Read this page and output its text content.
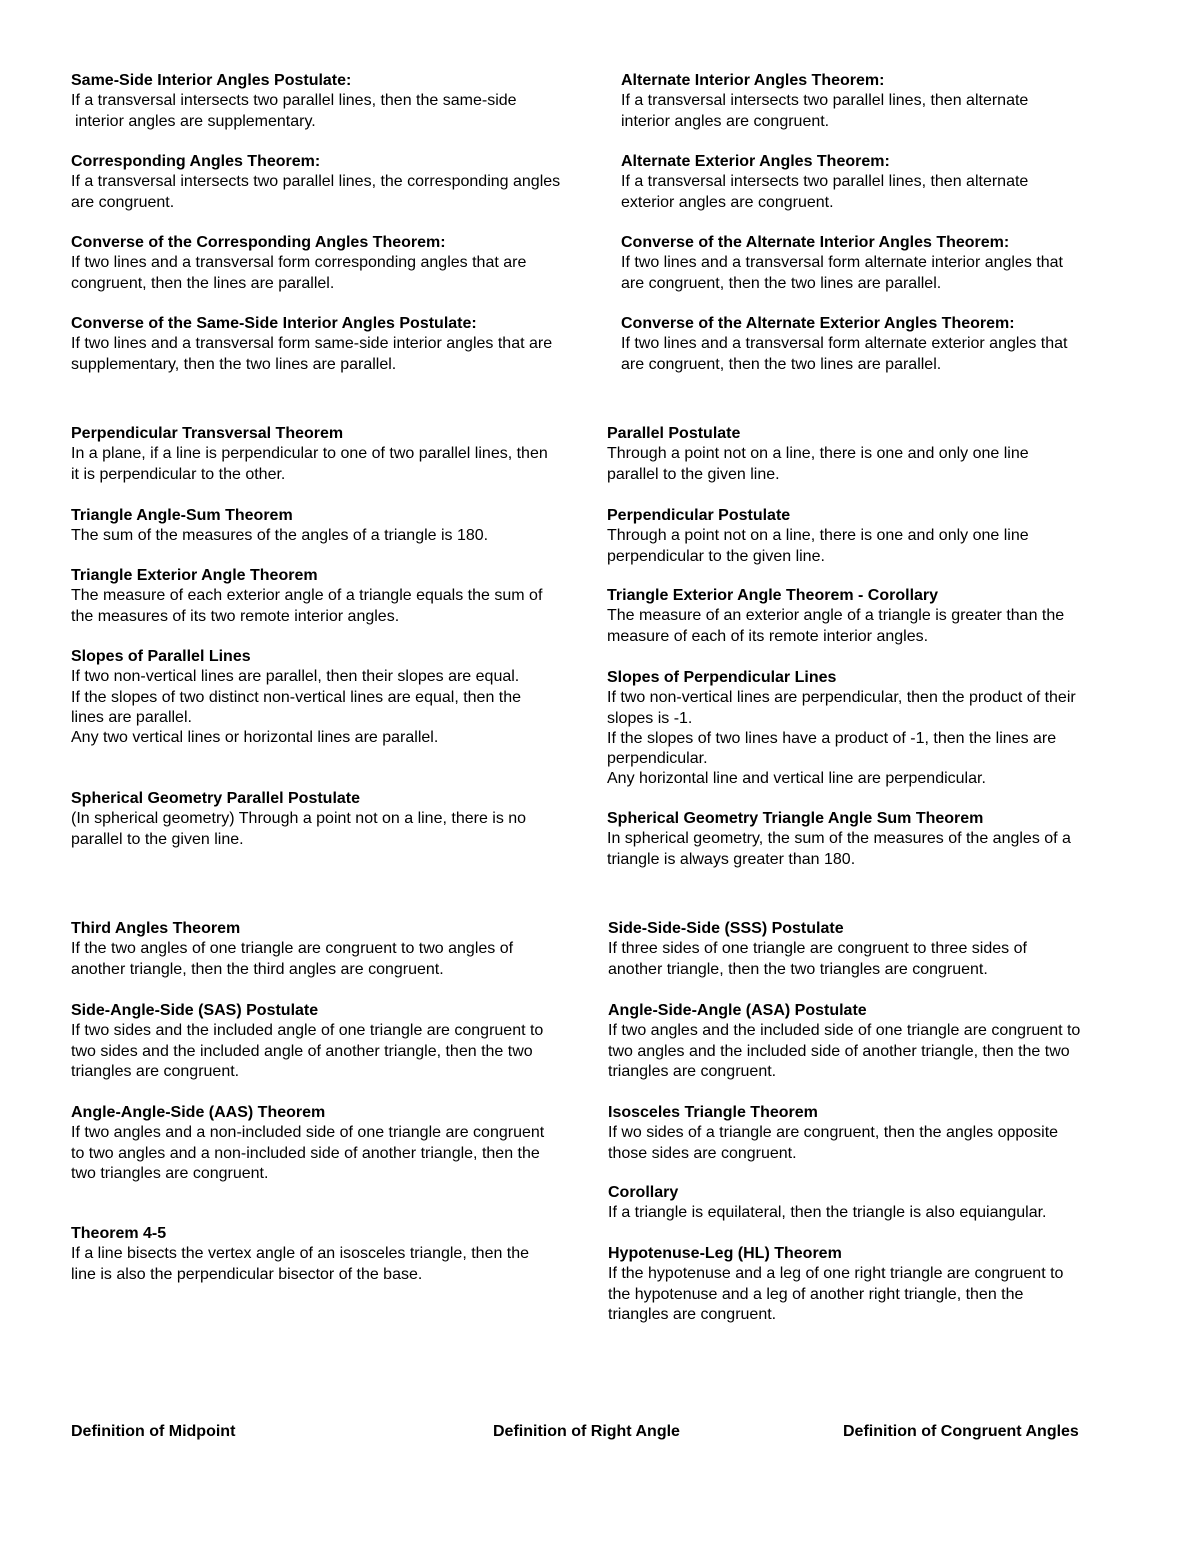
Same-Side Interior Angles Postulate:
If a transversal intersects two parallel lines, then the same-side
interior angles are supplementary.
Corresponding Angles Theorem:
If a transversal intersects two parallel lines, the corresponding angles
are congruent.
Converse of the Corresponding Angles Theorem:
If two lines and a transversal form corresponding angles that are
congruent, then the lines are parallel.
Converse of the Same-Side Interior Angles Postulate:
If two lines and a transversal form same-side interior angles that are
supplementary, then the two lines are parallel.
Alternate Interior Angles Theorem:
If a transversal intersects two parallel lines, then alternate
interior angles are congruent.
Alternate Exterior Angles Theorem:
If a transversal intersects two parallel lines, then alternate
exterior angles are congruent.
Converse of the Alternate Interior Angles Theorem:
If two lines and a transversal form alternate interior angles that
are congruent, then the two lines are parallel.
Converse of the Alternate Exterior Angles Theorem:
If two lines and a transversal form alternate exterior angles that
are congruent, then the two lines are parallel.
Perpendicular Transversal Theorem
In a plane, if a line is perpendicular to one of two parallel lines, then
it is perpendicular to the other.
Triangle Angle-Sum Theorem
The sum of the measures of the angles of a triangle is 180.
Triangle Exterior Angle Theorem
The measure of each exterior angle of a triangle equals the sum of
the measures of its two remote interior angles.
Slopes of Parallel Lines
If two non-vertical lines are parallel, then their slopes are equal.
If the slopes of two distinct non-vertical lines are equal, then the
lines are parallel.
Any two vertical lines or horizontal lines are parallel.
Spherical Geometry Parallel Postulate
(In spherical geometry) Through a point not on a line, there is no
parallel to the given line.
Parallel Postulate
Through a point not on a line, there is one and only one line
parallel to the given line.
Perpendicular Postulate
Through a point not on a line, there is one and only one line
perpendicular to the given line.
Triangle Exterior Angle Theorem - Corollary
The measure of an exterior angle of a triangle is greater than the
measure of each of its remote interior angles.
Slopes of Perpendicular Lines
If two non-vertical lines are perpendicular, then the product of their
slopes is -1.
If the slopes of two lines have a product of -1, then the lines are
perpendicular.
Any horizontal line and vertical line are perpendicular.
Spherical Geometry Triangle Angle Sum Theorem
In spherical geometry, the sum of the measures of the angles of a
triangle is always greater than 180.
Third Angles Theorem
If the two angles of one triangle are congruent to two angles of
another triangle, then the third angles are congruent.
Side-Angle-Side (SAS) Postulate
If two sides and the included angle of one triangle are congruent to
two sides and the included angle of another triangle, then the two
triangles are congruent.
Angle-Angle-Side (AAS) Theorem
If two angles and a non-included side of one triangle are congruent
to two angles and a non-included side of another triangle, then the
two triangles are congruent.
Theorem 4-5
If a line bisects the vertex angle of an isosceles triangle, then the
line is also the perpendicular bisector of the base.
Side-Side-Side (SSS) Postulate
If three sides of one triangle are congruent to three sides of
another triangle, then the two triangles are congruent.
Angle-Side-Angle (ASA) Postulate
If two angles and the included side of one triangle are congruent to
two angles and the included side of another triangle, then the two
triangles are congruent.
Isosceles Triangle Theorem
If wo sides of a triangle are congruent, then the angles opposite
those sides are congruent.
Corollary
If a triangle is equilateral, then the triangle is also equiangular.
Hypotenuse-Leg (HL) Theorem
If the hypotenuse and a leg of one right triangle are congruent to
the hypotenuse and a leg of another right triangle, then the
triangles are congruent.
Definition of Midpoint	Definition of Right Angle	Definition of Congruent Angles
